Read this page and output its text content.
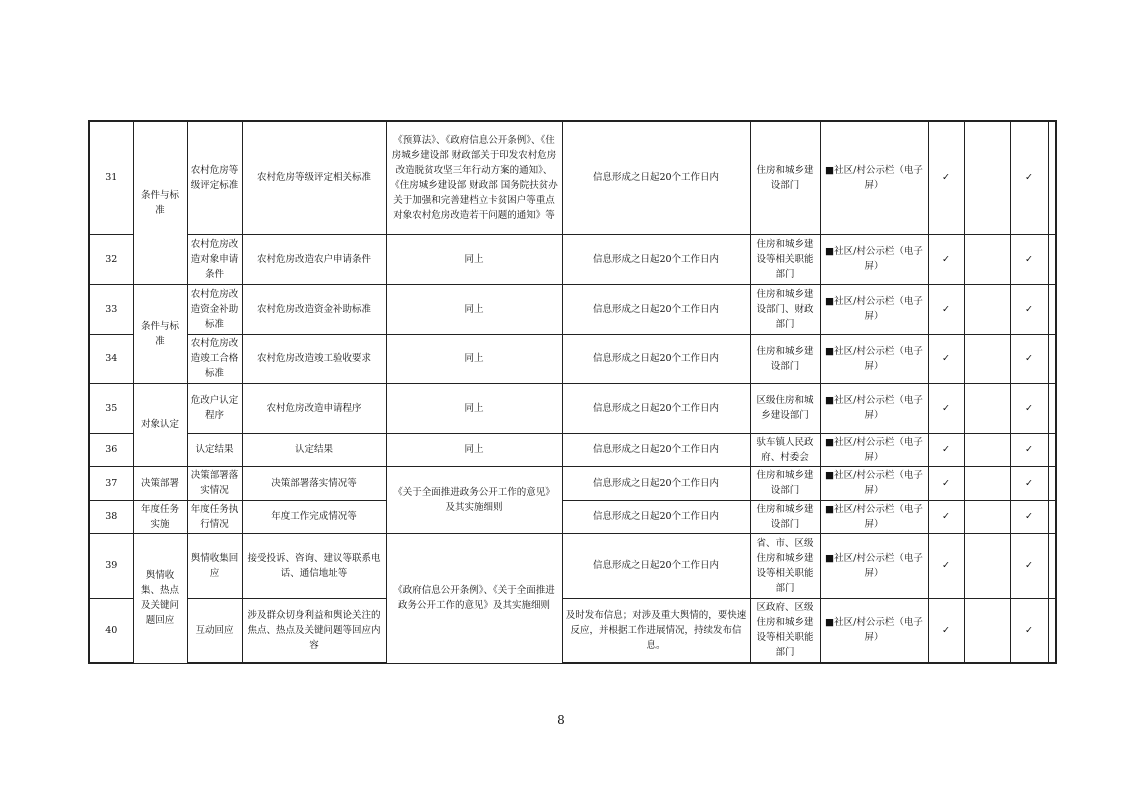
31	条件与标准	农村危房等级评定标准	农村危房等级评定相关标准	《预算法》、《政府信息公开条例》、《住房城乡建设部 财政部关于印发农村危房改造脱贫攻坚三年行动方案的通知》、《住房城乡建设部 财政部 国务院扶贫办关于加强和完善建档立卡贫困户等重点对象农村危房改造若干问题的通知》等	信息形成之日起20个工作日内	住房和城乡建设部门	■社区/村公示栏（电子屏）	✓		✓	
32		农村危房改造对象申请条件	农村危房改造农户申请条件	同上	信息形成之日起20个工作日内	住房和城乡建设等相关职能部门	■社区/村公示栏（电子屏）	✓		✓	
33	条件与标准	农村危房改造资金补助标准	农村危房改造资金补助标准	同上	信息形成之日起20个工作日内	住房和城乡建设部门、财政部门	■社区/村公示栏（电子屏）	✓		✓	
34		农村危房改造竣工合格标准	农村危房改造竣工验收要求	同上	信息形成之日起20个工作日内	住房和城乡建设部门	■社区/村公示栏（电子屏）	✓		✓	
35	对象认定	危改户认定程序	农村危房改造申请程序	同上	信息形成之日起20个工作日内	区级住房和城乡建设部门	■社区/村公示栏（电子屏）	✓		✓	
36		认定结果	认定结果	同上	信息形成之日起20个工作日内	驮车镇人民政府、村委会	■社区/村公示栏（电子屏）	✓		✓	
37	决策部署	决策部署落实情况	决策部署落实情况等	《关于全面推进政务公开工作的意见》及其实施细则	信息形成之日起20个工作日内	住房和城乡建设部门	■社区/村公示栏（电子屏）	✓		✓	
38	年度任务实施	年度任务执行情况	年度工作完成情况等		信息形成之日起20个工作日内	住房和城乡建设部门	■社区/村公示栏（电子屏）	✓		✓	
39	舆情收集、热点及关键问题回应	舆情收集回应	接受投诉、咨询、建议等联系电话、通信地址等	《政府信息公开条例》、《关于全面推进政务公开工作的意见》及其实施细则	信息形成之日起20个工作日内	省、市、区级住房和城乡建设等相关职能部门	■社区/村公示栏（电子屏）	✓		✓	
40		互动回应	涉及群众切身利益和舆论关注的焦点、热点及关键问题等回应内容		及时发布信息；对涉及重大舆情的，要快速反应，并根据工作进展情况，持续发布信息。	区政府、区级住房和城乡建设等相关职能部门	■社区/村公示栏（电子屏）	✓		✓	
8
